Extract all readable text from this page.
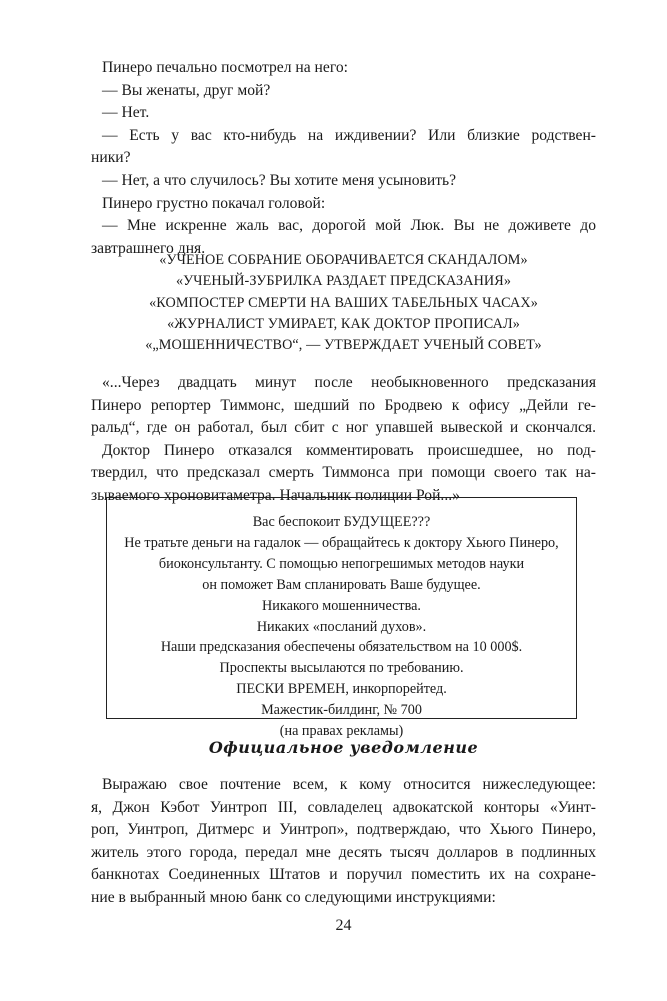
Пинеро печально посмотрел на него:
— Вы женаты, друг мой?
— Нет.
— Есть у вас кто-нибудь на иждивении? Или близкие родствен-
ники?
— Нет, а что случилось? Вы хотите меня усыновить?
Пинеро грустно покачал головой:
— Мне искренне жаль вас, дорогой мой Люк. Вы не доживете до
завтрашнего дня.
«УЧЕНОЕ СОБРАНИЕ ОБОРАЧИВАЕТСЯ СКАНДАЛОМ»
«УЧЕНЫЙ-ЗУБРИЛКА РАЗДАЕТ ПРЕДСКАЗАНИЯ»
«КОМПОСТЕР СМЕРТИ НА ВАШИХ ТАБЕЛЬНЫХ ЧАСАХ»
«ЖУРНАЛИСТ УМИРАЕТ, КАК ДОКТОР ПРОПИСАЛ»
«„МОШЕННИЧЕСТВО“, — УТВЕРЖДАЕТ УЧЕНЫЙ СОВЕТ»
«...Через двадцать минут после необыкновенного предсказания
Пинеро репортер Тиммонс, шедший по Бродвею к офису „Дейли ге-
ральд“, где он работал, был сбит с ног упавшей вывеской и скончался.
Доктор Пинеро отказался комментировать происшедшее, но под-
твердил, что предсказал смерть Тиммонса при помощи своего так на-
зываемого хроновитаметра. Начальник полиции Рой...»
Вас беспокоит БУДУЩЕЕ???
Не тратьте деньги на гадалок — обращайтесь к доктору Хьюго Пинеро,
биоконсультанту. С помощью непогрешимых методов науки
он поможет Вам спланировать Ваше будущее.
Никакого мошенничества.
Никаких «посланий духов».
Наши предсказания обеспечены обязательством на 10 000$.
Проспекты высылаются по требованию.
ПЕСКИ ВРЕМЕН, инкорпорейтед.
Мажестик-билдинг, № 700
(на правах рекламы)
Официальное уведомление
Выражаю свое почтение всем, к кому относится нижеследующее:
я, Джон Кэбот Уинтроп III, совладелец адвокатской конторы «Уинт-
роп, Уинтроп, Дитмерс и Уинтроп», подтверждаю, что Хьюго Пинеро,
житель этого города, передал мне десять тысяч долларов в подлинных
банкнотах Соединенных Штатов и поручил поместить их на сохране-
ние в выбранный мною банк со следующими инструкциями:
24
